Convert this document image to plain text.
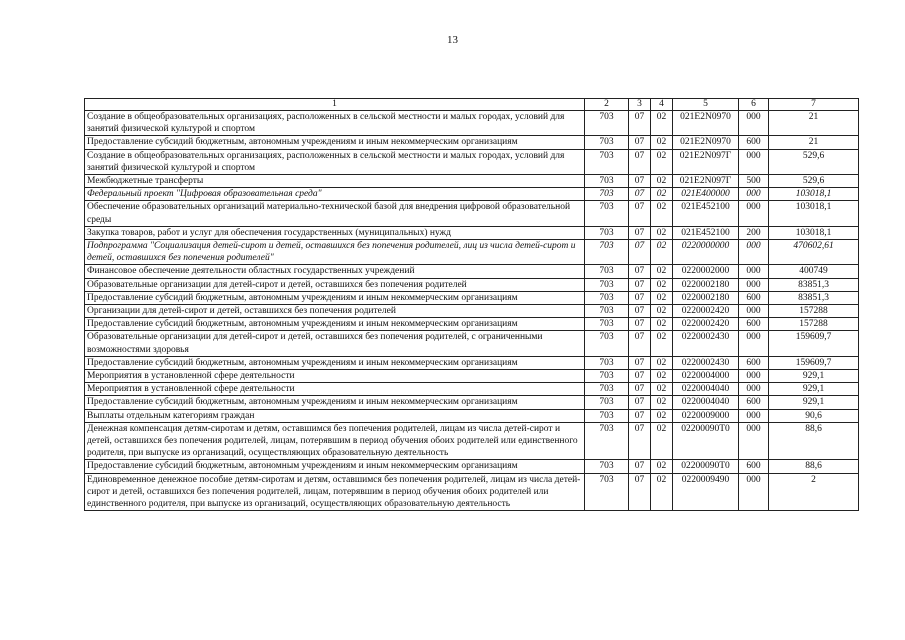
13
1	2	3	4	5	6	7
Создание в общеобразовательных организациях, расположенных в сельской местности и малых городах, условий для занятий физической культурой и спортом	703	07	02	021E2N0970	000	21
Предоставление субсидий бюджетным, автономным учреждениям и иным некоммерческим организациям	703	07	02	021E2N0970	600	21
Создание в общеобразовательных организациях, расположенных в сельской местности и малых городах, условий для занятий физической культурой и спортом	703	07	02	021E2N097Г	000	529,6
Межбюджетные трансферты	703	07	02	021E2N097Г	500	529,6
Федеральный проект "Цифровая образовательная среда"	703	07	02	021E400000	000	103018,1
Обеспечение образовательных организаций материально-технической базой для внедрения цифровой образовательной среды	703	07	02	021E452100	000	103018,1
Закупка товаров, работ и услуг для обеспечения государственных (муниципальных) нужд	703	07	02	021E452100	200	103018,1
Подпрограмма "Социализация детей-сирот и детей, оставшихся без попечения родителей, лиц из числа детей-сирот и детей, оставшихся без попечения родителей"	703	07	02	0220000000	000	470602,61
Финансовое обеспечение деятельности областных государственных учреждений	703	07	02	0220002000	000	400749
Образовательные организации для детей-сирот и детей, оставшихся без попечения родителей	703	07	02	0220002180	000	83851,3
Предоставление субсидий бюджетным, автономным учреждениям и иным некоммерческим организациям	703	07	02	0220002180	600	83851,3
Организации для детей-сирот и детей, оставшихся без попечения родителей	703	07	02	0220002420	000	157288
Предоставление субсидий бюджетным, автономным учреждениям и иным некоммерческим организациям	703	07	02	0220002420	600	157288
Образовательные организации для детей-сирот и детей, оставшихся без попечения родителей, с ограниченными возможностями здоровья	703	07	02	0220002430	000	159609,7
Предоставление субсидий бюджетным, автономным учреждениям и иным некоммерческим организациям	703	07	02	0220002430	600	159609,7
Мероприятия в установленной сфере деятельности	703	07	02	0220004000	000	929,1
Мероприятия в установленной сфере деятельности	703	07	02	0220004040	000	929,1
Предоставление субсидий бюджетным, автономным учреждениям и иным некоммерческим организациям	703	07	02	0220004040	600	929,1
Выплаты отдельным категориям граждан	703	07	02	0220009000	000	90,6
Денежная компенсация детям-сиротам и детям, оставшимся без попечения родителей, лицам из числа детей-сирот и детей, оставшихся без попечения родителей, лицам, потерявшим в период обучения обоих родителей или единственного родителя, при выпуске из организаций, осуществляющих образовательную деятельность	703	07	02	02200090Т0	000	88,6
Предоставление субсидий бюджетным, автономным учреждениям и иным некоммерческим организациям	703	07	02	02200090Т0	600	88,6
Единовременное денежное пособие детям-сиротам и детям, оставшимся без попечения родителей, лицам из числа детей-сирот и детей, оставшихся без попечения родителей, лицам, потерявшим в период обучения обоих родителей или единственного родителя, при выпуске из организаций, осуществляющих образовательную деятельность	703	07	02	0220009490	000	2
